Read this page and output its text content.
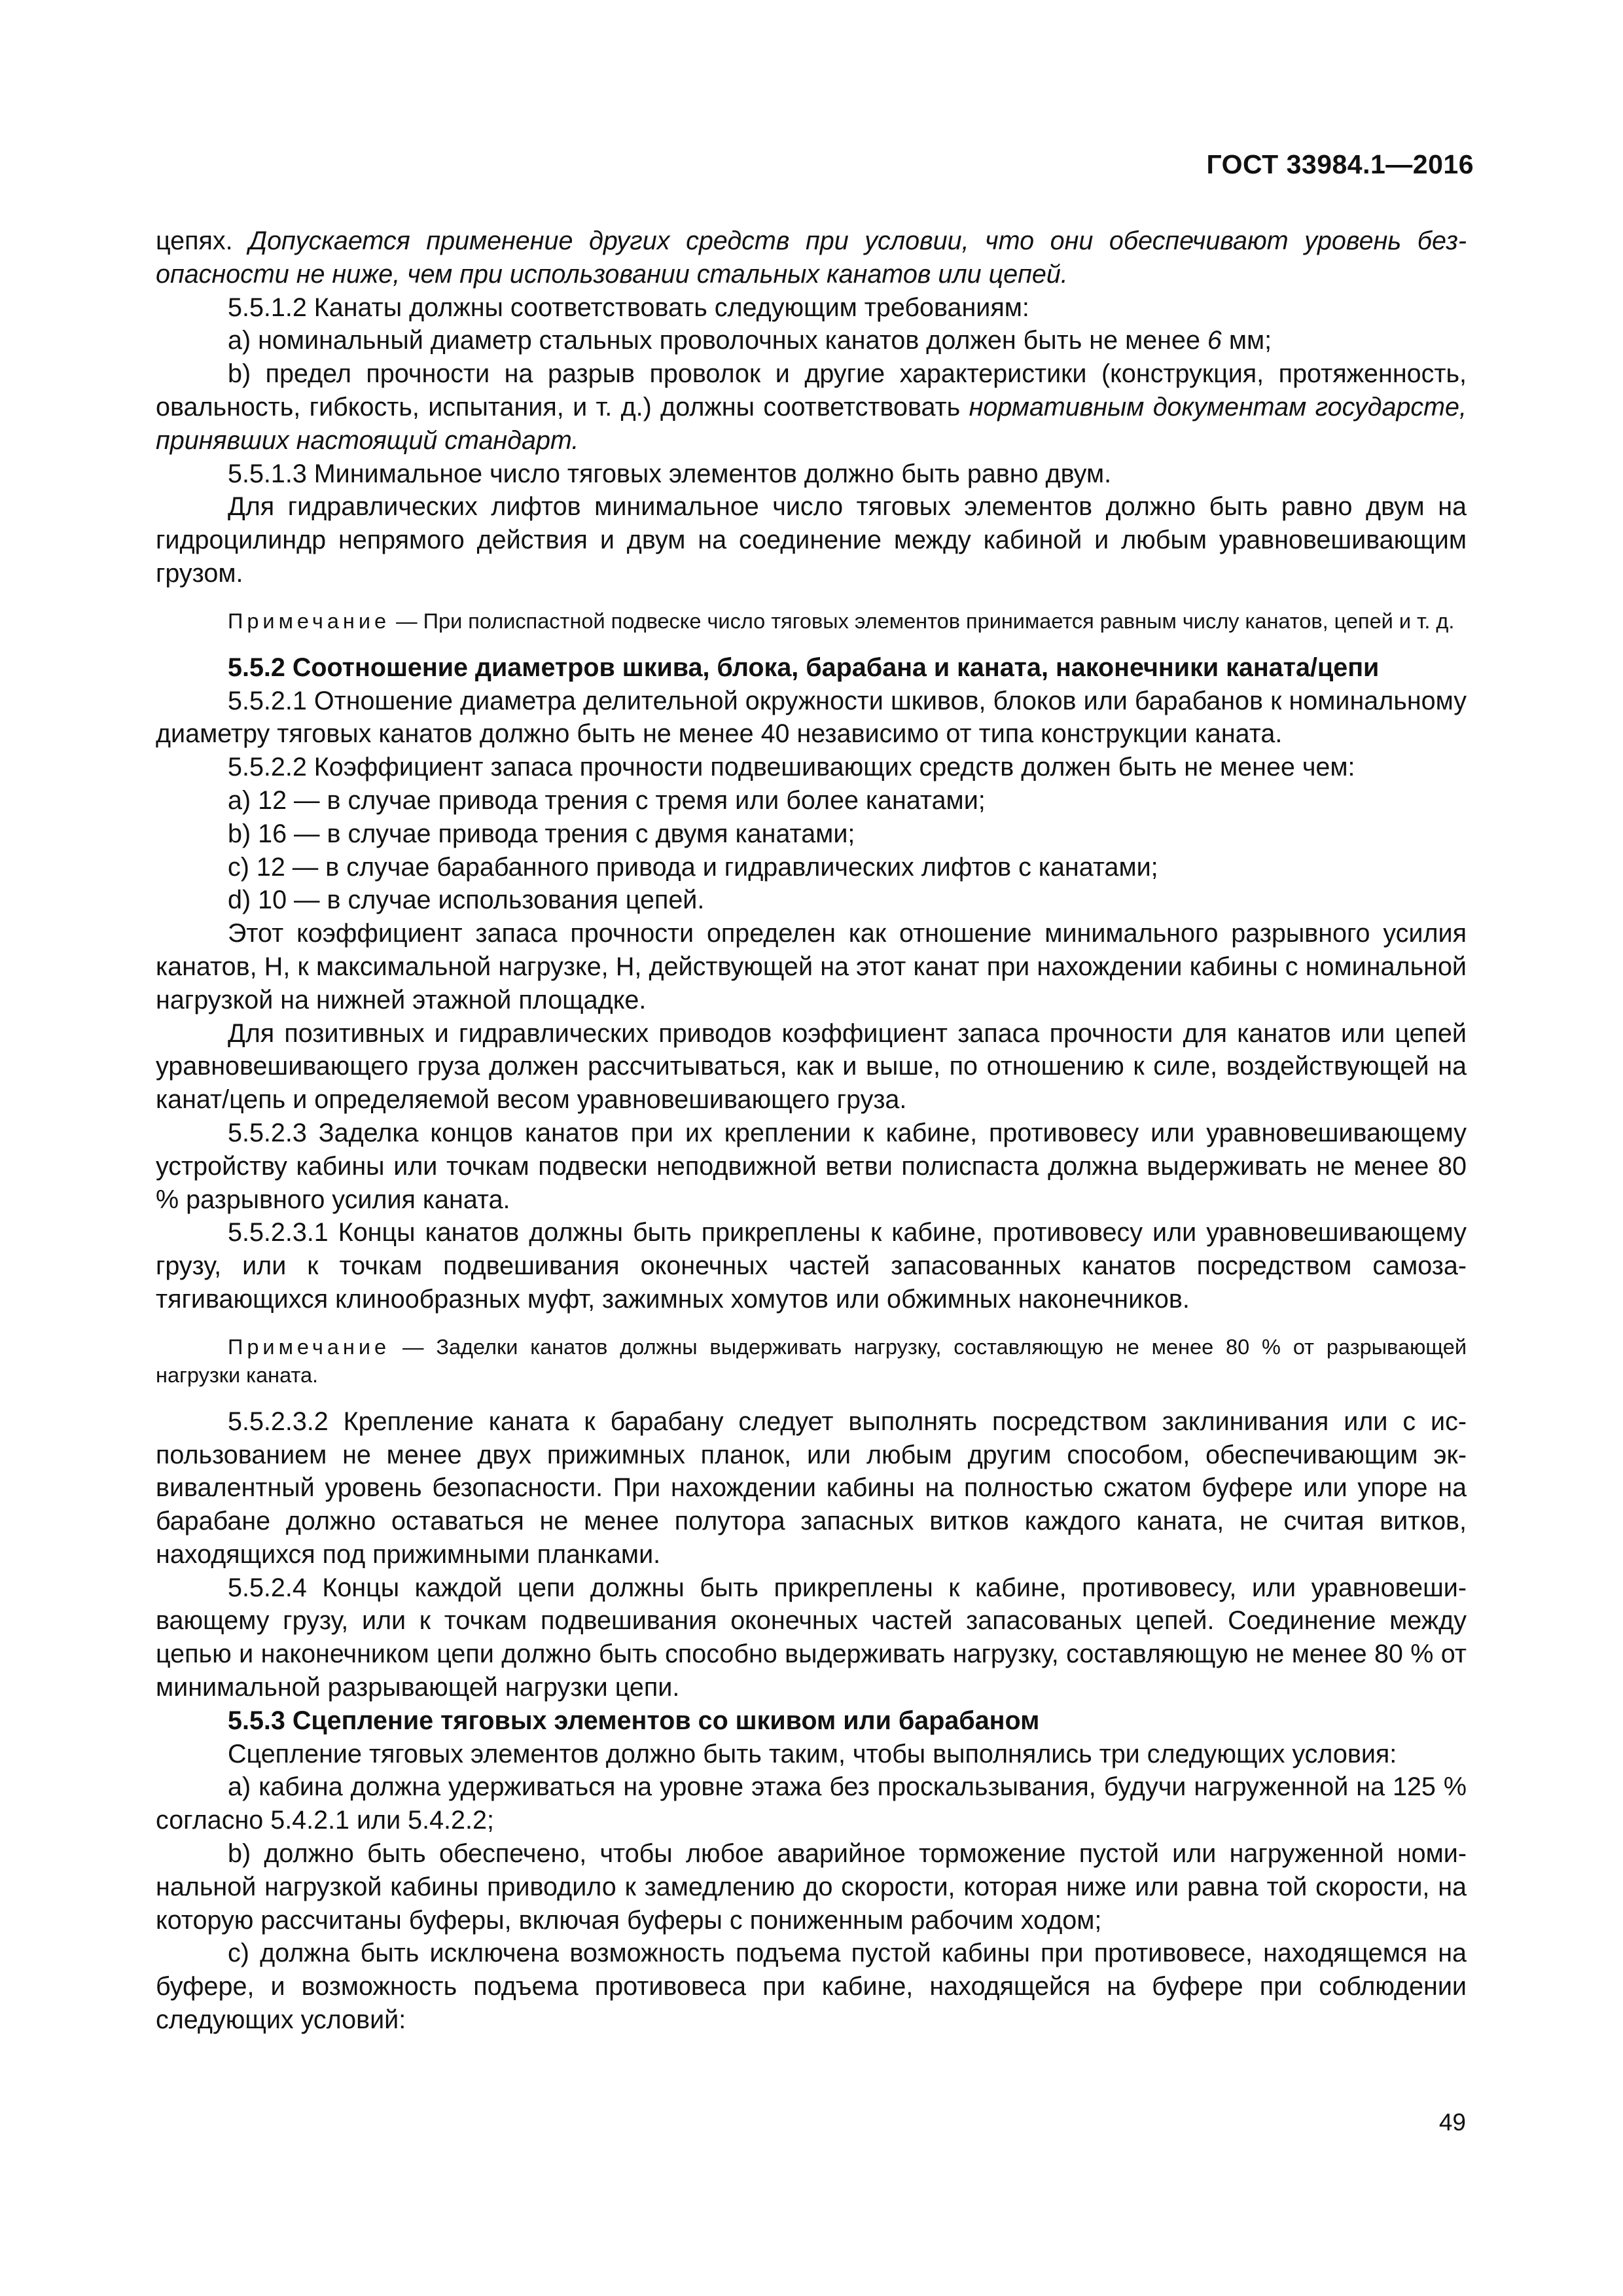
ГОСТ 33984.1—2016

цепях. Допускается применение других средств при условии, что они обеспечивают уровень безопасности не ниже, чем при использовании стальных канатов или цепей.

5.5.1.2 Канаты должны соответствовать следующим требованиям:

a) номинальный диаметр стальных проволочных канатов должен быть не менее 6 мм;

b) предел прочности на разрыв проволок и другие характеристики (конструкция, протяженность, овальность, гибкость, испытания, и т. д.) должны соответствовать нормативным документам государсте, принявших настоящий стандарт.

5.5.1.3 Минимальное число тяговых элементов должно быть равно двум.

Для гидравлических лифтов минимальное число тяговых элементов должно быть равно двум на гидроцилиндр непрямого действия и двум на соединение между кабиной и любым уравновешивающим грузом.

Примечание — При полиспастной подвеске число тяговых элементов принимается равным числу канатов, цепей и т. д.

5.5.2 Соотношение диаметров шкива, блока, барабана и каната, наконечники каната/цепи

5.5.2.1 Отношение диаметра делительной окружности шкивов, блоков или барабанов к номинальному диаметру тяговых канатов должно быть не менее 40 независимо от типа конструкции каната.

5.5.2.2 Коэффициент запаса прочности подвешивающих средств должен быть не менее чем:

a) 12 — в случае привода трения с тремя или более канатами;

b) 16 — в случае привода трения с двумя канатами;

c) 12 — в случае барабанного привода и гидравлических лифтов с канатами;

d) 10 — в случае использования цепей.

Этот коэффициент запаса прочности определен как отношение минимального разрывного усилия канатов, Н, к максимальной нагрузке, Н, действующей на этот канат при нахождении кабины с номинальной нагрузкой на нижней этажной площадке.

Для позитивных и гидравлических приводов коэффициент запаса прочности для канатов или цепей уравновешивающего груза должен рассчитываться, как и выше, по отношению к силе, воздействующей на канат/цепь и определяемой весом уравновешивающего груза.

5.5.2.3 Заделка концов канатов при их креплении к кабине, противовесу или уравновешивающему устройству кабины или точкам подвески неподвижной ветви полиспаста должна выдерживать не менее 80 % разрывного усилия каната.

5.5.2.3.1 Концы канатов должны быть прикреплены к кабине, противовесу или уравновешивающему грузу, или к точкам подвешивания оконечных частей запасованных канатов посредством самозатягивающихся клинообразных муфт, зажимных хомутов или обжимных наконечников.

Примечание — Заделки канатов должны выдерживать нагрузку, составляющую не менее 80 % от разрывающей нагрузки каната.

5.5.2.3.2 Крепление каната к барабану следует выполнять посредством заклинивания или с использованием не менее двух прижимных планок, или любым другим способом, обеспечивающим эквивалентный уровень безопасности. При нахождении кабины на полностью сжатом буфере или упоре на барабане должно оставаться не менее полутора запасных витков каждого каната, не считая витков, находящихся под прижимными планками.

5.5.2.4 Концы каждой цепи должны быть прикреплены к кабине, противовесу, или уравновешивающему грузу, или к точкам подвешивания оконечных частей запасованых цепей. Соединение между цепью и наконечником цепи должно быть способно выдерживать нагрузку, составляющую не менее 80 % от минимальной разрывающей нагрузки цепи.

5.5.3 Сцепление тяговых элементов со шкивом или барабаном

Сцепление тяговых элементов должно быть таким, чтобы выполнялись три следующих условия:

a) кабина должна удерживаться на уровне этажа без проскальзывания, будучи нагруженной на 125 % согласно 5.4.2.1 или 5.4.2.2;

b) должно быть обеспечено, чтобы любое аварийное торможение пустой или нагруженной номинальной нагрузкой кабины приводило к замедлению до скорости, которая ниже или равна той скорости, на которую рассчитаны буферы, включая буферы с пониженным рабочим ходом;

c) должна быть исключена возможность подъема пустой кабины при противовесе, находящемся на буфере, и возможность подъема противовеса при кабине, находящейся на буфере при соблюдении следующих условий:

49
